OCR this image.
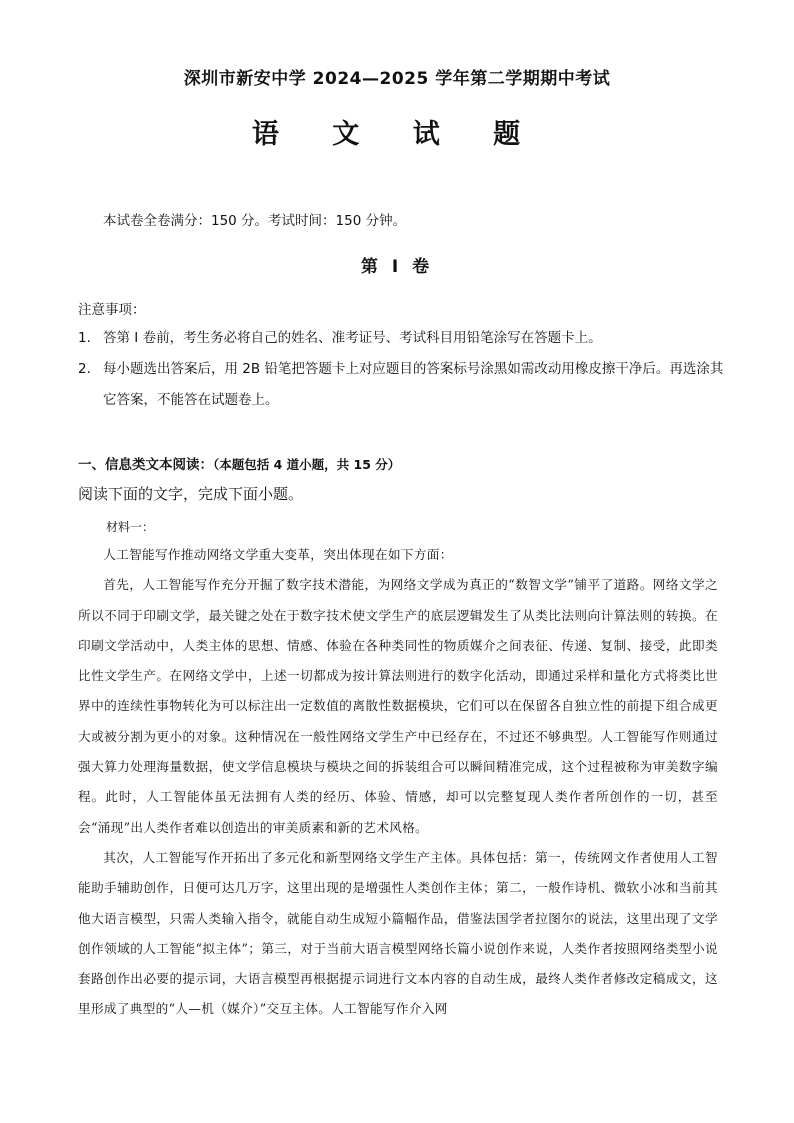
深圳市新安中学 2024—2025 学年第二学期期中考试
语 文 试 题
本试卷全卷满分：150 分。考试时间：150 分钟。
第 I 卷
注意事项：
1. 答第 I 卷前，考生务必将自己的姓名、准考证号、考试科目用铅笔涂写在答题卡上。
2. 每小题选出答案后，用 2B 铅笔把答题卡上对应题目的答案标号涂黑如需改动用橡皮擦干净后。再选涂其它答案，不能答在试题卷上。
一、信息类文本阅读：（本题包括 4 道小题，共 15 分）
阅读下面的文字，完成下面小题。
材料一：

人工智能写作推动网络文学重大变革，突出体现在如下方面：

首先，人工智能写作充分开掘了数字技术潜能，为网络文学成为真正的“数智文学”铺平了道路。网络文学之所以不同于印刷文学，最关键之处在于数字技术使文学生产的底层逻辑发生了从类比法则向计算法则的转换。在印刷文学活动中，人类主体的思想、情感、体验在各种类同性的物质媒介之间表征、传递、复制、接受，此即类比性文学生产。在网络文学中，上述一切都成为按计算法则进行的数字化活动，即通过采样和量化方式将类比世界中的连续性事物转化为可以标注出一定数值的离散性数据模块，它们可以在保留各自独立性的前提下组合成更大或被分割为更小的对象。这种情况在一般性网络文学生产中已经存在，不过还不够典型。人工智能写作则通过强大算力处理海量数据，使文学信息模块与模块之间的拆装组合可以瞬间精准完成，这个过程被称为审美数字编程。此时，人工智能体虽无法拥有人类的经历、体验、情感，却可以完整复现人类作者所创作的一切，甚至会“涌现”出人类作者难以创造出的审美质素和新的艺术风格。

其次，人工智能写作开拓出了多元化和新型网络文学生产主体。具体包括：第一，传统网文作者使用人工智能助手辅助创作，日便可达几万字，这里出现的是增强性人类创作主体；第二，一般作诗机、微软小冰和当前其他大语言模型，只需人类输入指令，就能自动生成短小篇幅作品，借鉴法国学者拉图尔的说法，这里出现了文学创作领域的人工智能“拟主体”；第三，对于当前大语言模型网络长篇小说创作来说，人类作者按照网络类型小说套路创作出必要的提示词，大语言模型再根据提示词进行文本内容的自动生成，最终人类作者修改定稿成文，这里形成了典型的“人—机（媒介）”交互主体。人工智能写作介入网
